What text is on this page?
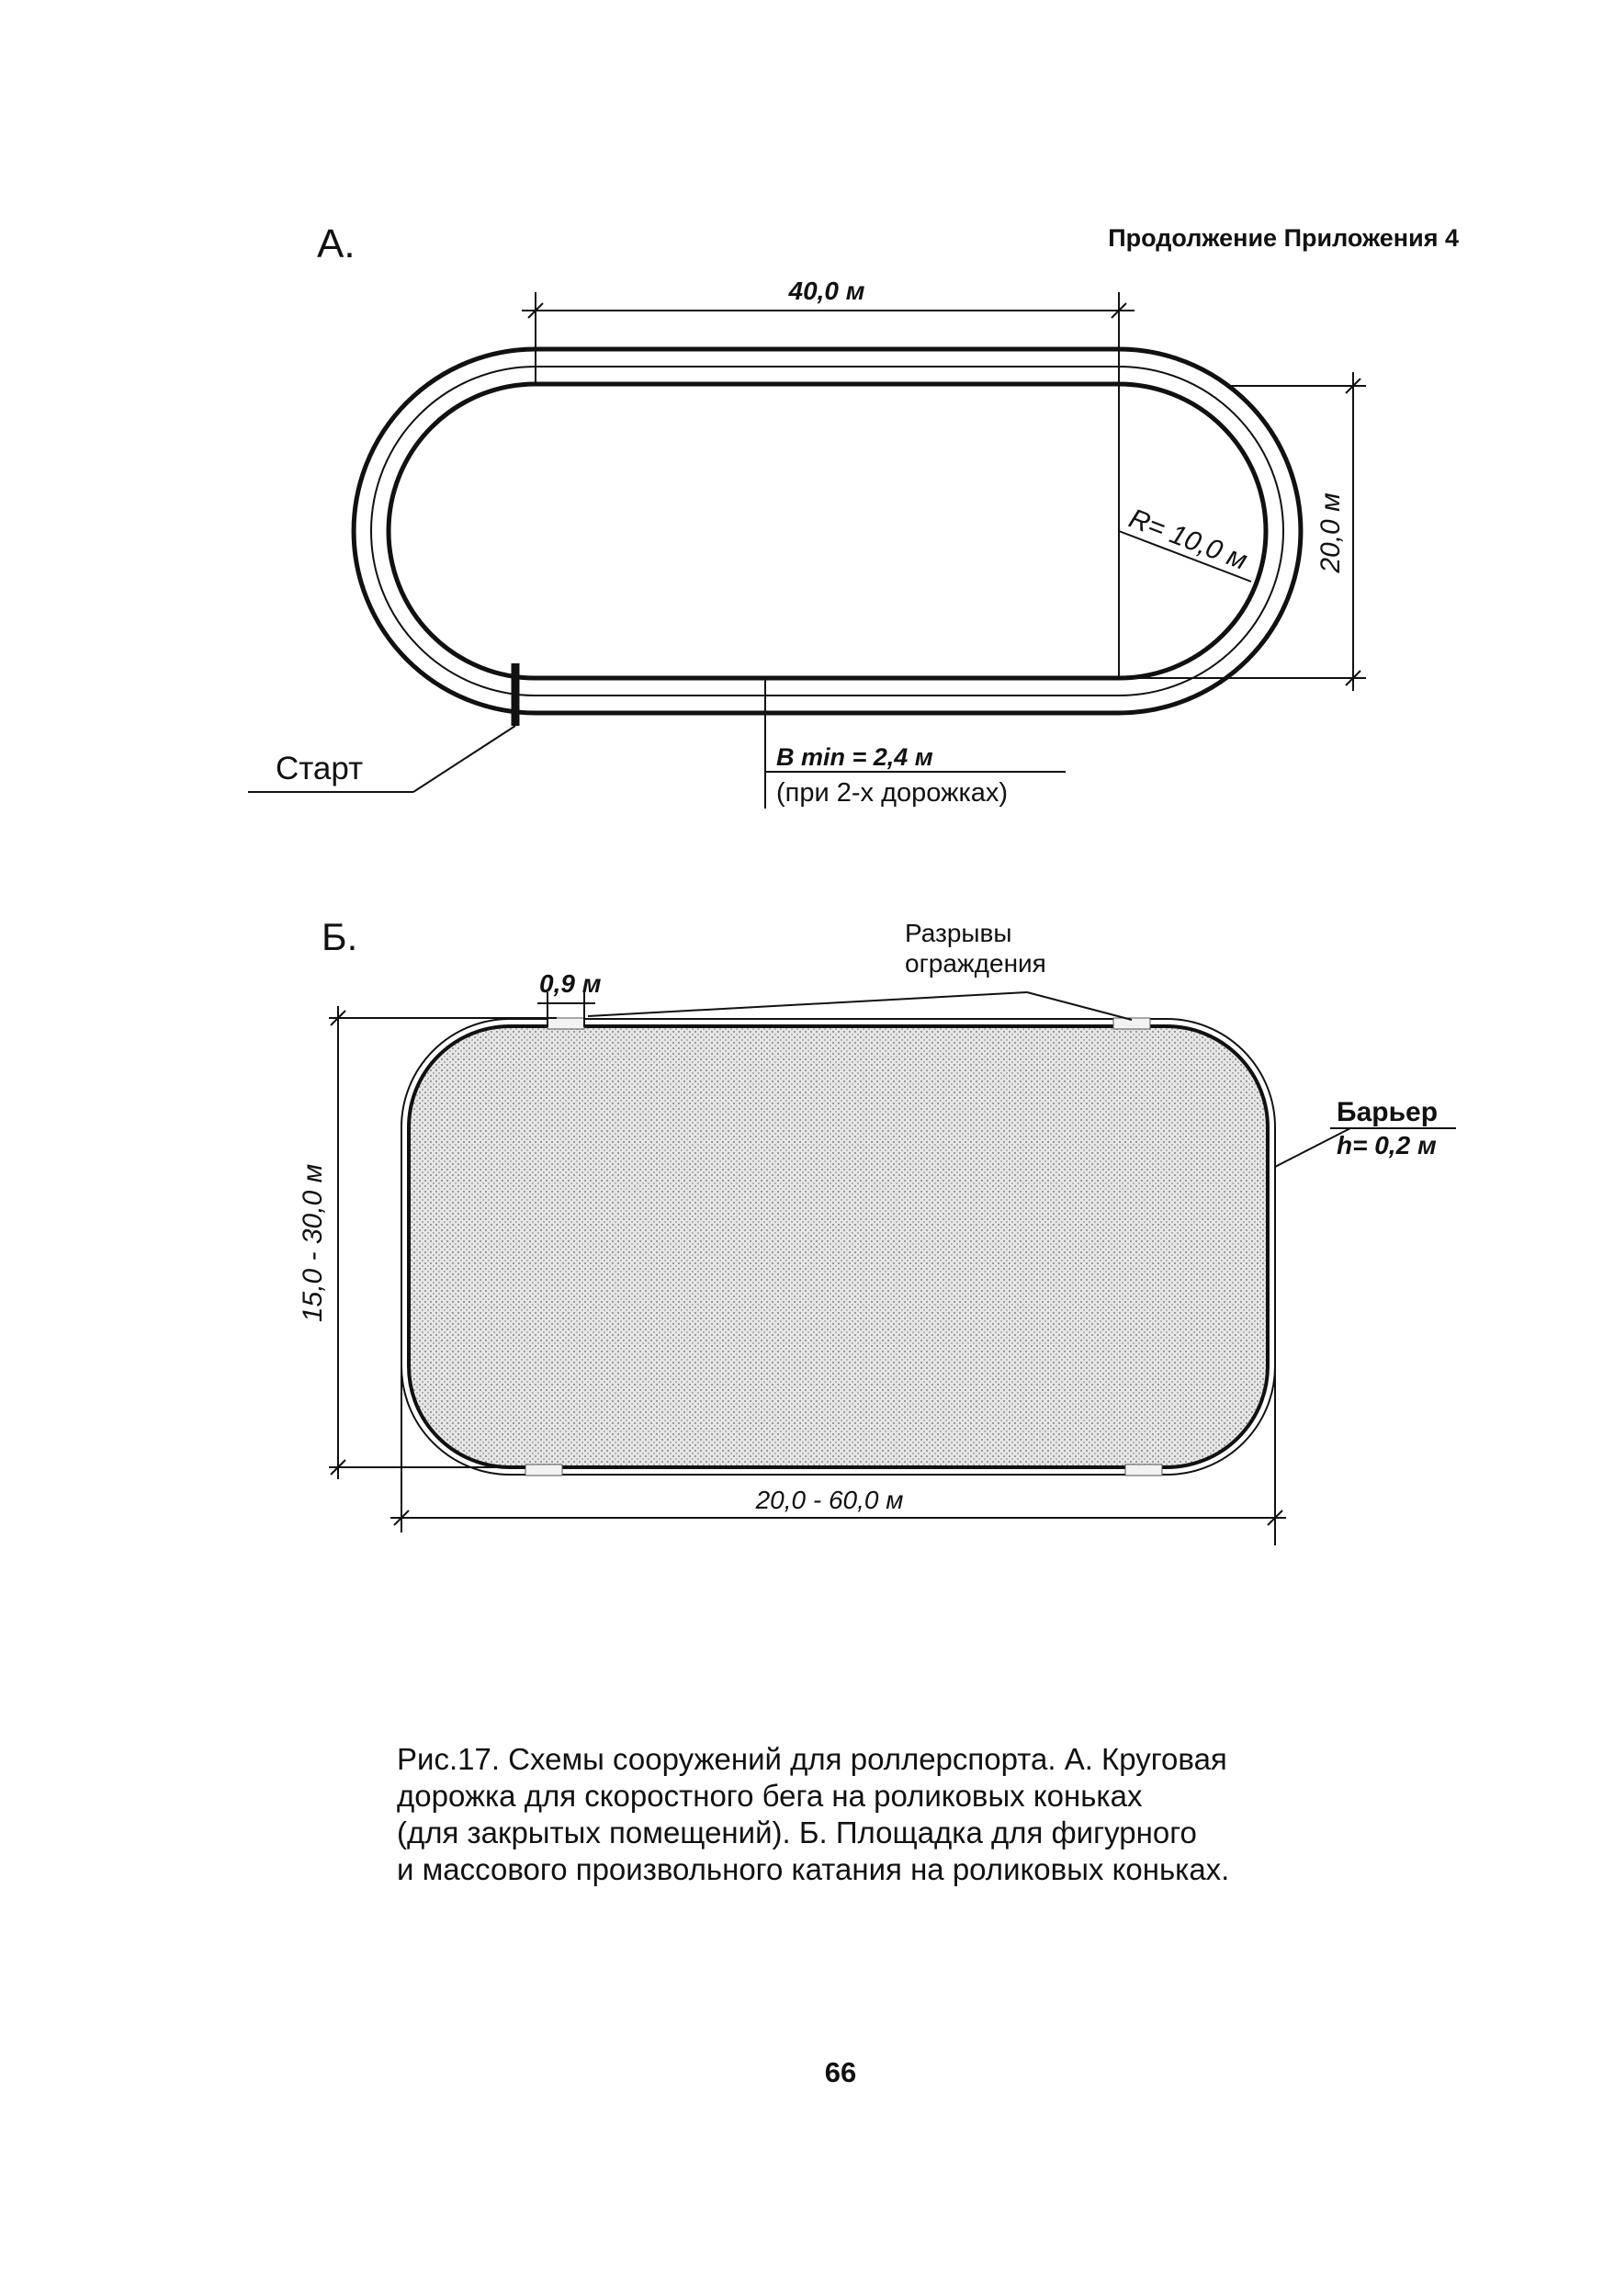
Продолжение Приложения 4
А.
Старт
40,0 м
20,0 м
R= 10,0 м
B min = 2,4 м
(при 2-х дорожках)
Б.
0,9 м
Разрывы
ограждения
Барьер
h= 0,2 м
15,0 - 30,0 м
20,0 - 60,0 м
Рис.17. Схемы сооружений для роллерспорта. А. Круговая
дорожка для скоростного бега на роликовых коньках
(для закрытых помещений). Б. Площадка для фигурного
и массового произвольного катания на роликовых коньках.
66
